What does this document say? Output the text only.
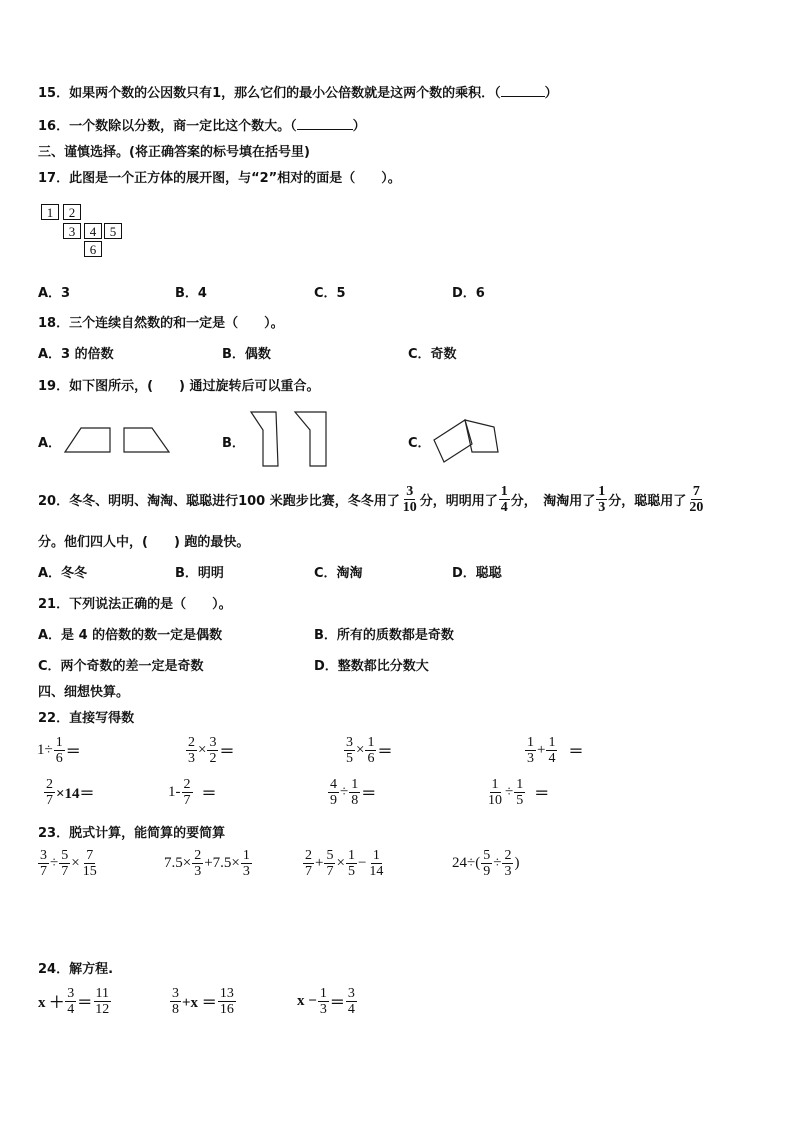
15．如果两个数的公因数只有1，那么它们的最小公倍数就是这两个数的乘积．（	）
16．一个数除以分数，商一定比这个数大。（	）
三、谨慎选择。(将正确答案的标号填在括号里)
17．此图是一个正方体的展开图，与“2”相对的面是（　　）。
1	2
3	4	5
6
A．3	B．4	C．5	D．6
18．三个连续自然数的和一定是（　　）。
A．3 的倍数	B．偶数	C．奇数
19．如下图所示，(　　) 通过旋转后可以重合。
A．	B．	C．
20．冬冬、明明、淘淘、聪聪进行100 米跑步比赛，冬冬用了 $\frac{3}{10}$ 分，明明用了 $\frac{1}{4}$ 分，　淘淘用了 $\frac{1}{3}$ 分，聪聪用了 $\frac{7}{20}$
分。他们四人中，(　　) 跑的最快。
A．冬冬	B．明明	C．淘淘	D．聪聪
21．下列说法正确的是（　　）。
A．是 4 的倍数的数一定是偶数	B．所有的质数都是奇数
C．两个奇数的差一定是奇数	D．整数都比分数大
四、细想快算。
22．直接写得数
$1\div \frac{1}{6}$ ＝	$\frac{2}{3} \times \frac{3}{2}$ ＝	$\frac{3}{5} \times \frac{1}{6}$ ＝	$\frac{1}{3} + \frac{1}{4}$ ＝
$\frac{2}{7} \times 14=$	$1- \frac{2}{7}$ ＝	$\frac{4}{9} \div \frac{1}{8}$ ＝	$\frac{1}{10} \div \frac{1}{5}$ ＝
23．脱式计算，能简算的要简算
$\frac{3}{7} \div \frac{5}{7} \times \frac{7}{15}$	$7.5\times \frac{2}{3} +7.5\times \frac{1}{3}$	$\frac{2}{7} + \frac{5}{7} \times \frac{1}{5} - \frac{1}{14}$	$24\div( \frac{5}{9} \div \frac{2}{3}$ )
24．解方程.
$x + \frac{3}{4} = \frac{11}{12}$	$\frac{3}{8} +x = \frac{13}{16}$	$x - \frac{1}{3} = \frac{3}{4}$
